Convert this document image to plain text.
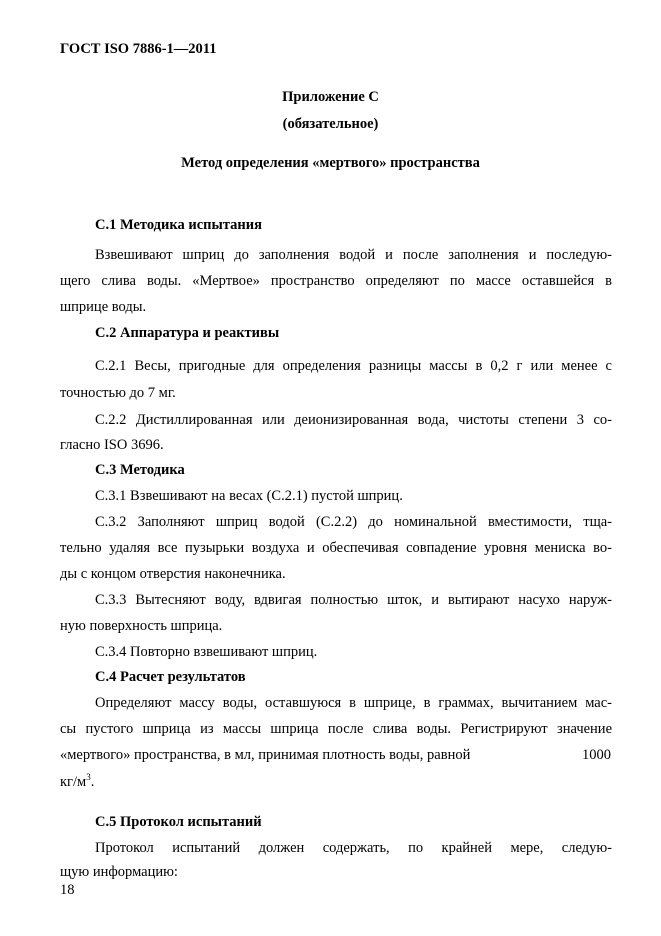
ГОСТ ISO 7886-1—2011
Приложение С
(обязательное)
Метод определения «мертвого» пространства
С.1 Методика испытания
Взвешивают шприц до заполнения водой и после заполнения и последую-
щего слива воды. «Мертвое» пространство определяют по массе оставшейся в
шприце воды.
С.2 Аппаратура и реактивы
С.2.1 Весы, пригодные для определения разницы массы в 0,2 г или менее с
точностью до 7 мг.
С.2.2 Дистиллированная или деионизированная вода, чистоты степени 3 со-
гласно ISO 3696.
С.3 Методика
С.3.1 Взвешивают на весах (С.2.1) пустой шприц.
С.3.2 Заполняют шприц водой (С.2.2) до номинальной вместимости, тща-
тельно удаляя все пузырьки воздуха и обеспечивая совпадение уровня мениска во-
ды с концом отверстия наконечника.
С.3.3 Вытесняют воду, вдвигая полностью шток, и вытирают насухо наруж-
ную поверхность шприца.
С.3.4 Повторно взвешивают шприц.
С.4 Расчет результатов
Определяют массу воды, оставшуюся в шприце, в граммах, вычитанием мас-
сы пустого шприца из массы шприца после слива воды. Регистрируют значение
«мертвого» пространства, в мл, принимая плотность воды, равной	1000
$кг/м^3$.
С.5 Протокол испытаний
Протокол испытаний должен содержать, по крайней мере, следую-
щую информацию:
18
